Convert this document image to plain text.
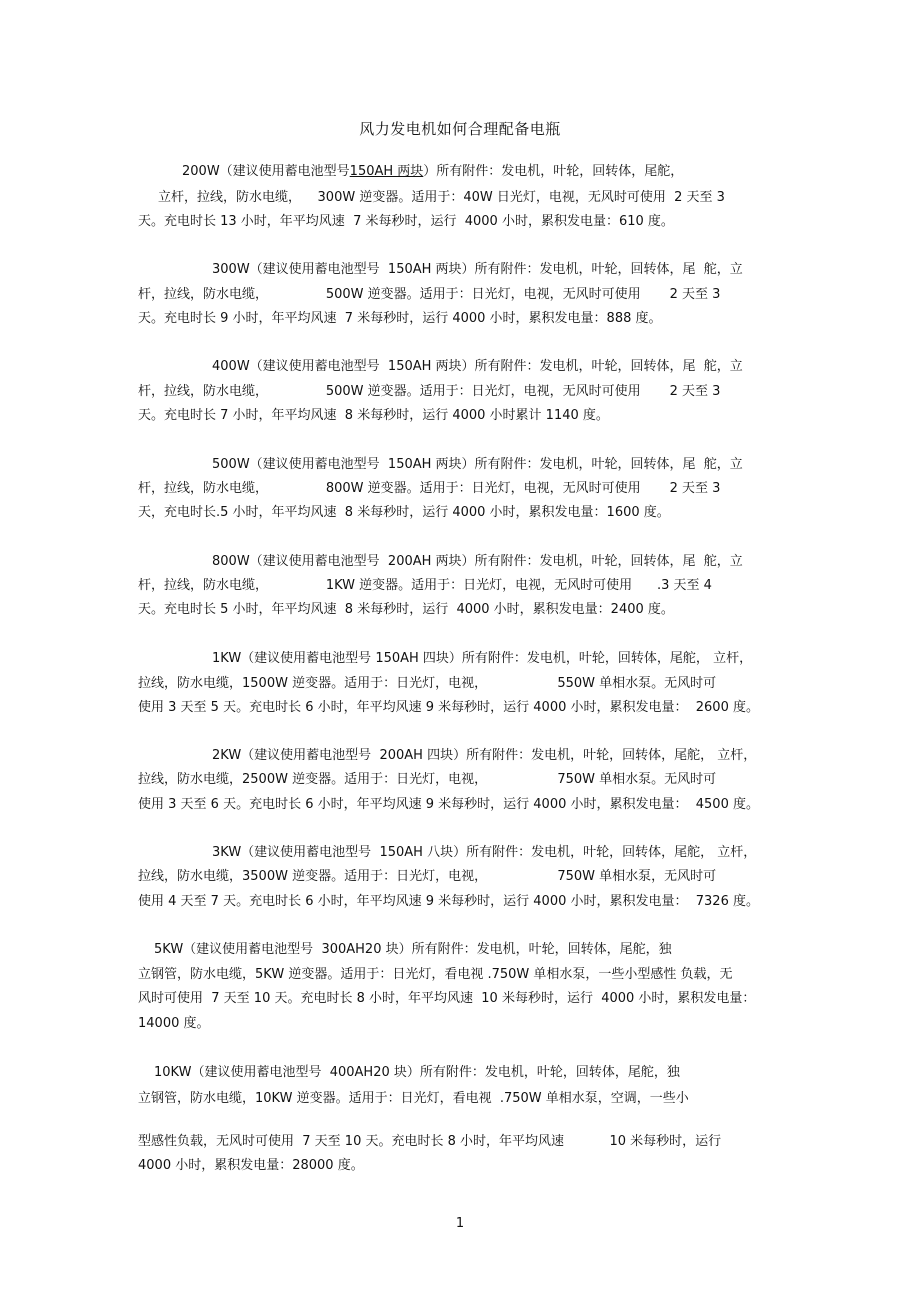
风力发电机如何合理配备电瓶
200W（建议使用蓄电池型号150AH 两块）所有附件：发电机，叶轮，回转体，尾舵，
立杆，拉线，防水电缆，    300W 逆变器。适用于：40W 日光灯，电视，无风时可使用  2 天至 3
天。充电时长 13 小时，年平均风速  7 米每秒时，运行  4000 小时，累积发电量：610 度。
300W（建议使用蓄电池型号  150AH 两块）所有附件：发电机，叶轮，回转体，尾  舵，立
杆，拉线，防水电缆，              500W 逆变器。适用于：日光灯，电视，无风时可使用       2 天至 3
天。充电时长 9 小时，年平均风速  7 米每秒时，运行 4000 小时，累积发电量：888 度。
400W（建议使用蓄电池型号  150AH 两块）所有附件：发电机，叶轮，回转体，尾  舵，立
杆，拉线，防水电缆，              500W 逆变器。适用于：日光灯，电视，无风时可使用       2 天至 3
天。充电时长 7 小时，年平均风速  8 米每秒时，运行 4000 小时累计 1140 度。
500W（建议使用蓄电池型号  150AH 两块）所有附件：发电机，叶轮，回转体，尾  舵，立
杆，拉线，防水电缆，              800W 逆变器。适用于：日光灯，电视，无风时可使用       2 天至 3
天，充电时长.5 小时，年平均风速  8 米每秒时，运行 4000 小时，累积发电量：1600 度。
800W（建议使用蓄电池型号  200AH 两块）所有附件：发电机，叶轮，回转体，尾  舵，立
杆，拉线，防水电缆，              1KW 逆变器。适用于：日光灯，电视，无风时可使用      .3 天至 4
天。充电时长 5 小时，年平均风速  8 米每秒时，运行  4000 小时，累积发电量：2400 度。
1KW（建议使用蓄电池型号 150AH 四块）所有附件：发电机，叶轮，回转体，尾舵， 立杆，
拉线，防水电缆，1500W 逆变器。适用于：日光灯，电视，                 550W 单相水泵。无风时可
使用 3 天至 5 天。充电时长 6 小时，年平均风速 9 米每秒时，运行 4000 小时，累积发电量：  2600 度。
2KW（建议使用蓄电池型号  200AH 四块）所有附件：发电机，叶轮，回转体，尾舵， 立杆，
拉线，防水电缆，2500W 逆变器。适用于：日光灯，电视，                 750W 单相水泵。无风时可
使用 3 天至 6 天。充电时长 6 小时，年平均风速 9 米每秒时，运行 4000 小时，累积发电量：  4500 度。
3KW（建议使用蓄电池型号  150AH 八块）所有附件：发电机，叶轮，回转体，尾舵， 立杆，
拉线，防水电缆，3500W 逆变器。适用于：日光灯，电视，                 750W 单相水泵，无风时可
使用 4 天至 7 天。充电时长 6 小时，年平均风速 9 米每秒时，运行 4000 小时，累积发电量：  7326 度。
5KW（建议使用蓄电池型号  300AH20 块）所有附件：发电机，叶轮，回转体，尾舵，独
立钢管，防水电缆，5KW 逆变器。适用于：日光灯，看电视 .750W 单相水泵，一些小型感性 负载，无
风时可使用  7 天至 10 天。充电时长 8 小时，年平均风速  10 米每秒时，运行  4000 小时，累积发电量：
14000 度。
10KW（建议使用蓄电池型号  400AH20 块）所有附件：发电机，叶轮，回转体，尾舵，独
立钢管，防水电缆，10KW 逆变器。适用于：日光灯，看电视  .750W 单相水泵，空调，一些小
型感性负载，无风时可使用  7 天至 10 天。充电时长 8 小时，年平均风速           10 米每秒时，运行
4000 小时，累积发电量：28000 度。
1
